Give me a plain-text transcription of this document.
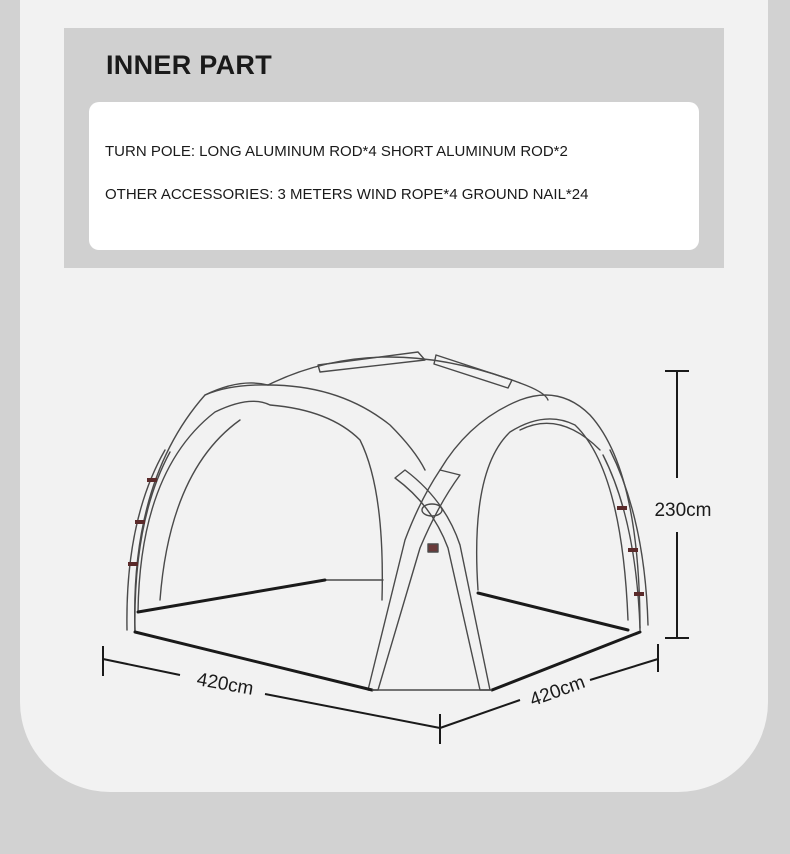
INNER PART
TURN POLE: LONG ALUMINUM ROD*4 SHORT ALUMINUM ROD*2
OTHER ACCESSORIES: 3 METERS WIND ROPE*4 GROUND NAIL*24
230cm
420cm	420cm
